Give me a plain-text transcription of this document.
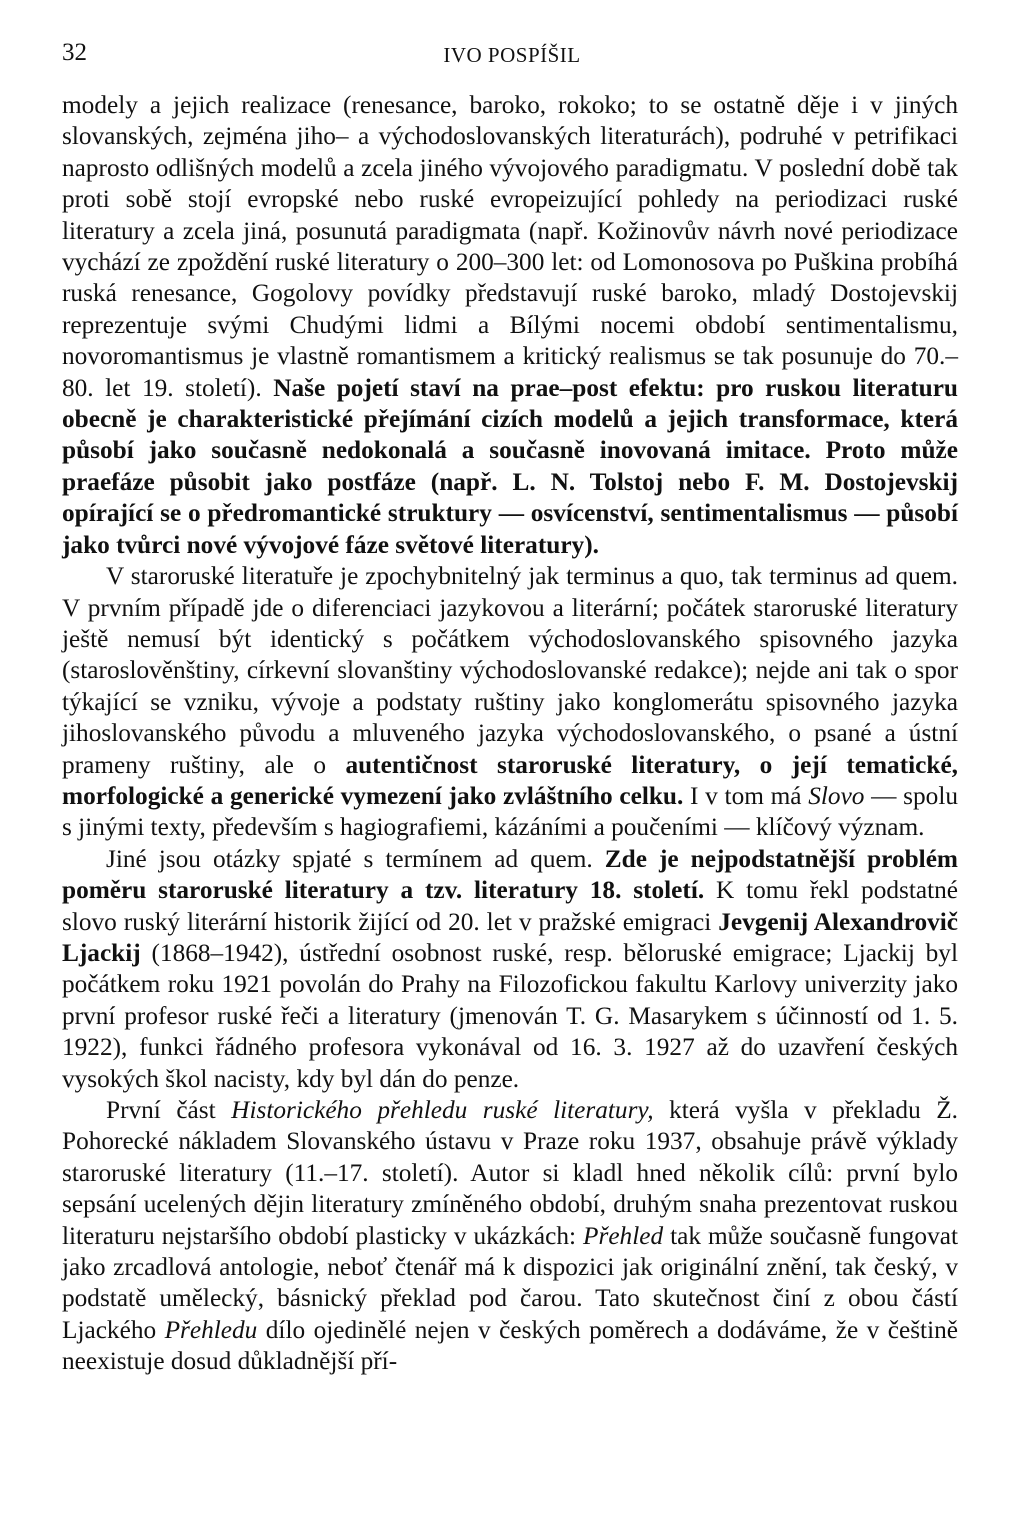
32	IVO POSPÍŠIL

modely a jejich realizace (renesance, baroko, rokoko; to se ostatně děje i v jiných slovanských, zejména jiho– a východoslovanských literaturách), podruhé v petrifikaci naprosto odlišných modelů a zcela jiného vývojového paradigmatu. V poslední době tak proti sobě stojí evropské nebo ruské evropeizující pohledy na periodizaci ruské literatury a zcela jiná, posunutá paradigmata (např. Kožinovův návrh nové periodizace vychází ze zpoždění ruské literatury o 200–300 let: od Lomonosova po Puškina probíhá ruská renesance, Gogolovy povídky představují ruské baroko, mladý Dostojevskij reprezentuje svými Chudými lidmi a Bílými nocemi období sentimentalismu, novoromantismus je vlastně romantismem a kritický realismus se tak posunuje do 70.–80. let 19. století). Naše pojetí staví na prae–post efektu: pro ruskou literaturu obecně je charakteristické přejímání cizích modelů a jejich transformace, která působí jako současně nedokonalá a současně inovovaná imitace. Proto může praefáze působit jako postfáze (např. L. N. Tolstoj nebo F. M. Dostojevskij opírající se o předromantické struktury — osvícenství, sentimentalismus — působí jako tvůrci nové vývojové fáze světové literatury).

V staroruské literatuře je zpochybnitelný jak terminus a quo, tak terminus ad quem. V prvním případě jde o diferenciaci jazykovou a literární; počátek staroruské literatury ještě nemusí být identický s počátkem východoslovanského spisovného jazyka (staroslověnštiny, církevní slovanštiny východoslovanské redakce); nejde ani tak o spor týkající se vzniku, vývoje a podstaty ruštiny jako konglomerátu spisovného jazyka jihoslovanského původu a mluveného jazyka východoslovanského, o psané a ústní prameny ruštiny, ale o autentičnost staroruské literatury, o její tematické, morfologické a generické vymezení jako zvláštního celku. I v tom má Slovo — spolu s jinými texty, především s hagiografiemi, kázáními a poučeními — klíčový význam.

Jiné jsou otázky spjaté s termínem ad quem. Zde je nejpodstatnější problém poměru staroruské literatury a tzv. literatury 18. století. K tomu řekl podstatné slovo ruský literární historik žijící od 20. let v pražské emigraci Jevgenij Alexandrovič Ljackij (1868–1942), ústřední osobnost ruské, resp. běloruské emigrace; Ljackij byl počátkem roku 1921 povolán do Prahy na Filozofickou fakultu Karlovy univerzity jako první profesor ruské řeči a literatury (jmenován T. G. Masarykem s účinností od 1. 5. 1922), funkci řádného profesora vykonával od 16. 3. 1927 až do uzavření českých vysokých škol nacisty, kdy byl dán do penze.

První část Historického přehledu ruské literatury, která vyšla v překladu Ž. Pohorecké nákladem Slovanského ústavu v Praze roku 1937, obsahuje právě výklady staroruské literatury (11.–17. století). Autor si kladl hned několik cílů: první bylo sepsání ucelených dějin literatury zmíněného období, druhým snaha prezentovat ruskou literaturu nejstaršího období plasticky v ukázkách: Přehled tak může současně fungovat jako zrcadlová antologie, neboť čtenář má k dispozici jak originální znění, tak český, v podstatě umělecký, básnický překlad pod čarou. Tato skutečnost činí z obou částí Ljackého Přehledu dílo ojedinělé nejen v českých poměrech a dodáváme, že v češtině neexistuje dosud důkladnější pří-
